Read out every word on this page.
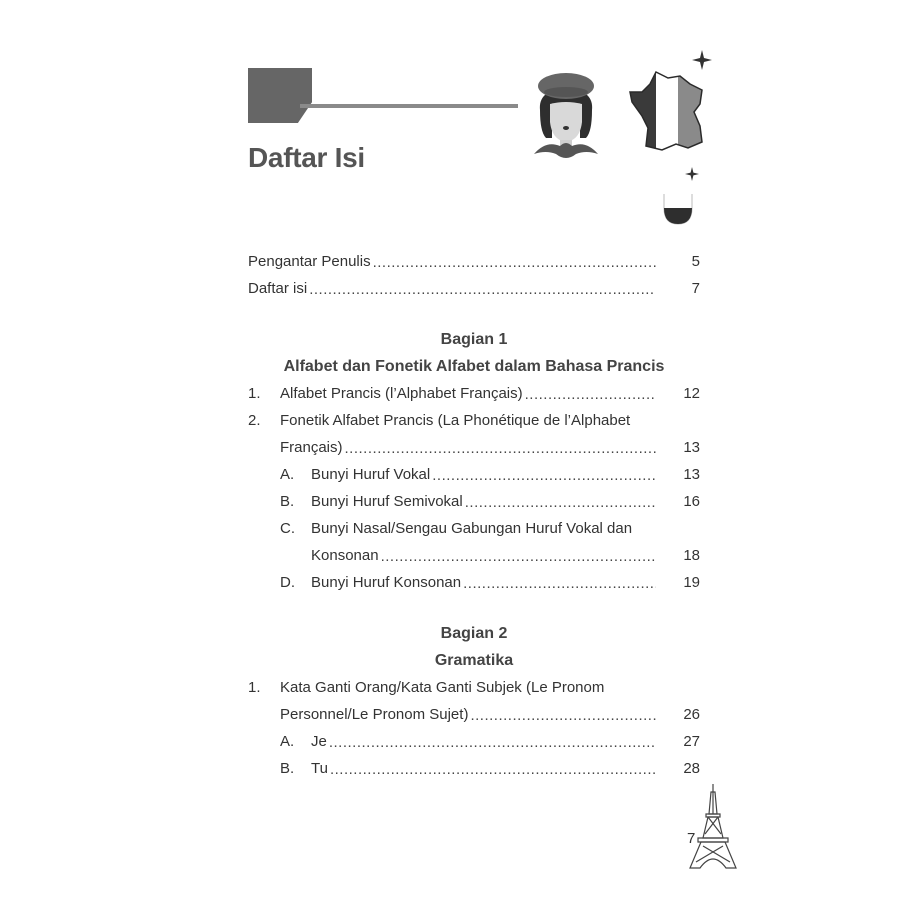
Daftar Isi
Pengantar Penulis .....	5
Daftar isi .....	7
Bagian 1
Alfabet dan Fonetik Alfabet dalam Bahasa Prancis
1.	Alfabet Prancis (l’Alphabet Français) .....	12
2.	Fonetik Alfabet Prancis (La Phonétique de l’Alphabet
Français) .....	13
A.	Bunyi Huruf Vokal .....	13
B.	Bunyi Huruf Semivokal .....	16
C.	Bunyi Nasal/Sengau Gabungan Huruf Vokal dan
Konsonan .....	18
D.	Bunyi Huruf Konsonan .....	19
Bagian 2
Gramatika
1.	Kata Ganti Orang/Kata Ganti Subjek (Le Pronom
Personnel/Le Pronom Sujet) .....	26
A.	Je .....	27
B.	Tu .....	28
7
